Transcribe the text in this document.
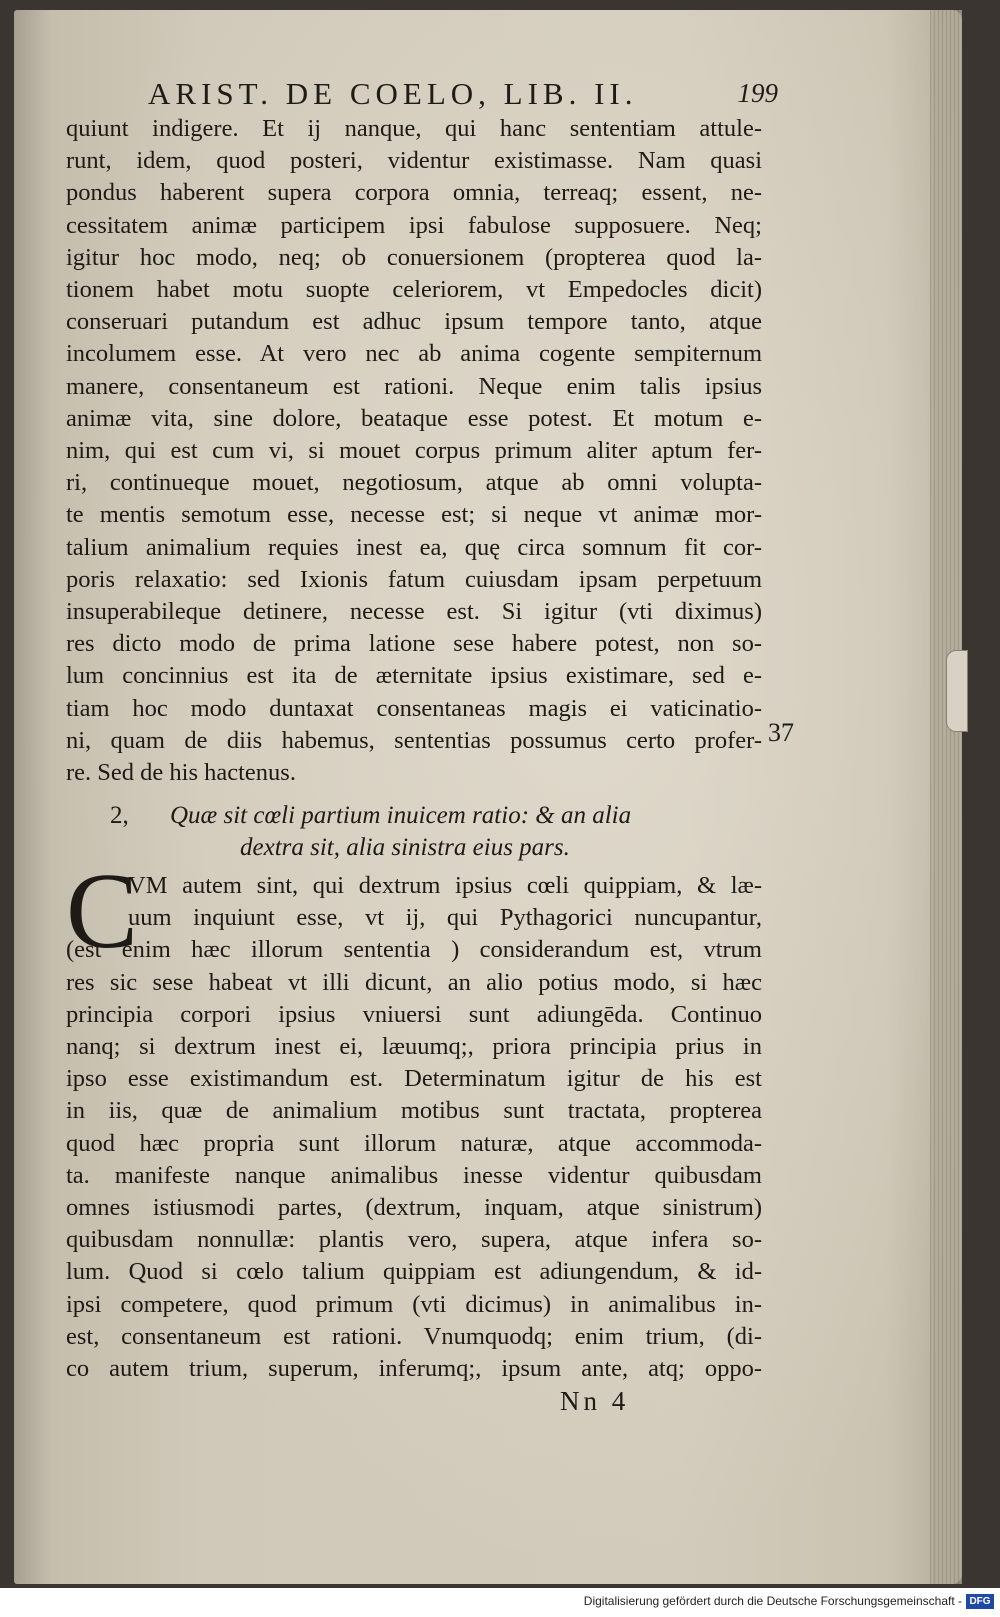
ARIST. DE COELO, LIB. II.	199
quiunt indigere. Et ij nanque, qui hanc sententiam attule-
runt, idem, quod posteri, videntur existimasse. Nam quasi
pondus haberent supera corpora omnia, terreaq; essent, ne-
cessitatem animæ participem ipsi fabulose supposuere. Neq;
igitur hoc modo, neq; ob conuersionem (propterea quod la-
tionem habet motu suopte celeriorem, vt Empedocles dicit)
conseruari putandum est adhuc ipsum tempore tanto, atque
incolumem esse. At vero nec ab anima cogente sempiternum
manere, consentaneum est rationi. Neque enim talis ipsius
animæ vita, sine dolore, beataque esse potest. Et motum e-
nim, qui est cum vi, si mouet corpus primum aliter aptum fer-
ri, continueque mouet, negotiosum, atque ab omni volupta-
te mentis semotum esse, necesse est; si neque vt animæ mor-
talium animalium requies inest ea, quę circa somnum fit cor-
poris relaxatio: sed Ixionis fatum cuiusdam ipsam perpetuum
insuperabileque detinere, necesse est. Si igitur (vti diximus)
res dicto modo de prima latione sese habere potest, non so-
lum concinnius est ita de æternitate ipsius existimare, sed e-
tiam hoc modo duntaxat consentaneas magis ei vaticinatio-
ni, quam de diis habemus, sententias possumus certo profer-
re. Sed de his hactenus.
37
2, Quæ sit cœli partium inuicem ratio: & an alia
dextra sit, alia sinistra eius pars.
C
VM autem sint, qui dextrum ipsius cœli quippiam, & læ-
uum inquiunt esse, vt ij, qui Pythagorici nuncupantur,
(est enim hæc illorum sententia ) considerandum est, vtrum
res sic sese habeat vt illi dicunt, an alio potius modo, si hæc
principia corpori ipsius vniuersi sunt adiungēda. Continuo
nanq; si dextrum inest ei, læuumq;, priora principia prius in
ipso esse existimandum est. Determinatum igitur de his est
in iis, quæ de animalium motibus sunt tractata, propterea
quod hæc propria sunt illorum naturæ, atque accommoda-
ta. manifeste nanque animalibus inesse videntur quibusdam
omnes istiusmodi partes, (dextrum, inquam, atque sinistrum)
quibusdam nonnullæ: plantis vero, supera, atque infera so-
lum. Quod si cœlo talium quippiam est adiungendum, & id-
ipsi competere, quod primum (vti dicimus) in animalibus in-
est, consentaneum est rationi. Vnumquodq; enim trium, (di-
co autem trium, superum, inferumq;, ipsum ante, atq; oppo-
Nn 4
Digitalisierung gefördert durch die Deutsche Forschungsgemeinschaft - DFG
